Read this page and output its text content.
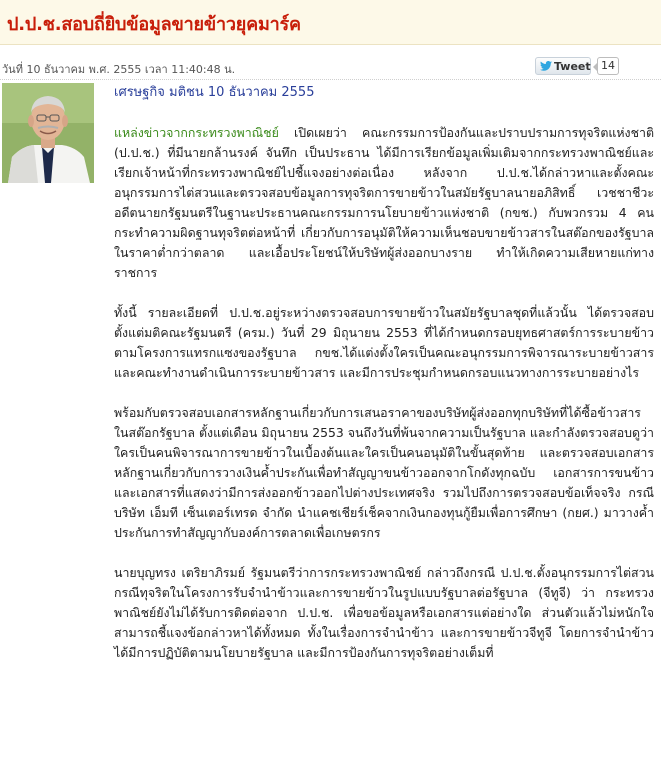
ป.ป.ช.สอบถี่ยิบข้อมูลขายข้าวยุคมาร์ค
วันที่ 10 ธันวาคม พ.ศ. 2555 เวลา 11:40:48 น.	Tweet 14
เศรษฐกิจ มติชน 10 ธันวาคม 2555

แหล่งข่าวจากกระทรวงพาณิชย์ เปิดเผยว่า คณะกรรมการป้องกันและปราบปรามการทุจริตแห่งชาติ (ป.ป.ช.) ที่มีนายกล้านรงค์ จันทึก เป็นประธาน ได้มีการเรียกข้อมูลเพิ่มเติมจากกระทรวงพาณิชย์และเรียกเจ้าหน้าที่กระทรวงพาณิชย์ไปชี้แจงอย่างต่อเนื่อง หลังจาก ป.ป.ช.ได้กล่าวหาและตั้งคณะอนุกรรมการไต่สวนและตรวจสอบข้อมูลการทุจริตการขายข้าวในสมัยรัฐบาลนายอภิสิทธิ์ เวชชาชีวะ อดีตนายกรัฐมนตรีในฐานะประธานคณะกรรมการนโยบายข้าวแห่งชาติ (กขช.) กับพวกรวม 4 คน กระทำความผิดฐานทุจริตต่อหน้าที่ เกี่ยวกับการอนุมัติให้ความเห็นชอบขายข้าวสารในสต๊อกของรัฐบาลในราคาต่ำกว่าตลาด และเอื้อประโยชน์ให้บริษัทผู้ส่งออกบางราย ทำให้เกิดความเสียหายแก่ทางราชการ

ทั้งนี้ รายละเอียดที่ ป.ป.ช.อยู่ระหว่างตรวจสอบการขายข้าวในสมัยรัฐบาลชุดที่แล้วนั้น ได้ตรวจสอบตั้งแต่มติคณะรัฐมนตรี (ครม.) วันที่ 29 มิถุนายน 2553 ที่ได้กำหนดกรอบยุทธศาสตร์การระบายข้าวตามโครงการแทรกแซงของรัฐบาล กขช.ได้แต่งตั้งใครเป็นคณะอนุกรรมการพิจารณาระบายข้าวสารและคณะทำงานดำเนินการระบายข้าวสาร และมีการประชุมกำหนดกรอบแนวทางการระบายอย่างไร

พร้อมกับตรวจสอบเอกสารหลักฐานเกี่ยวกับการเสนอราคาของบริษัทผู้ส่งออกทุกบริษัทที่ได้ซื้อข้าวสารในสต๊อกรัฐบาล ตั้งแต่เดือน มิถุนายน 2553 จนถึงวันที่พ้นจากความเป็นรัฐบาล และกำลังตรวจสอบดูว่าใครเป็นคนพิจารณาการขายข้าวในเบื้องต้นและใครเป็นคนอนุมัติในขั้นสุดท้าย และตรวจสอบเอกสารหลักฐานเกี่ยวกับการวางเงินค้ำประกันเพื่อทำสัญญาขนข้าวออกจากโกดังทุกฉบับ เอกสารการขนข้าว และเอกสารที่แสดงว่ามีการส่งออกข้าวออกไปต่างประเทศจริง รวมไปถึงการตรวจสอบข้อเท็จจริง กรณีบริษัท เอ็มที เซ็นเตอร์เทรด จำกัด นำแคชเชียร์เช็คจากเงินกองทุนกู้ยืมเพื่อการศึกษา (กยศ.) มาวางค้ำประกันการทำสัญญากับองค์การตลาดเพื่อเกษตรกร

นายบุญทรง เตริยาภิรมย์ รัฐมนตรีว่าการกระทรวงพาณิชย์ กล่าวถึงกรณี ป.ป.ช.ตั้งอนุกรรมการไต่สวน กรณีทุจริตในโครงการรับจำนำข้าวและการขายข้าวในรูปแบบรัฐบาลต่อรัฐบาล (จีทูจี) ว่า กระทรวงพาณิชย์ยังไม่ได้รับการติดต่อจาก ป.ป.ช. เพื่อขอข้อมูลหรือเอกสารแต่อย่างใด ส่วนตัวแล้วไม่หนักใจ สามารถชี้แจงข้อกล่าวหาได้ทั้งหมด ทั้งในเรื่องการจำนำข้าว และการขายข้าวจีทูจี โดยการจำนำข้าว ได้มีการปฏิบัติตามนโยบายรัฐบาล และมีการป้องกันการทุจริตอย่างเต็มที่
